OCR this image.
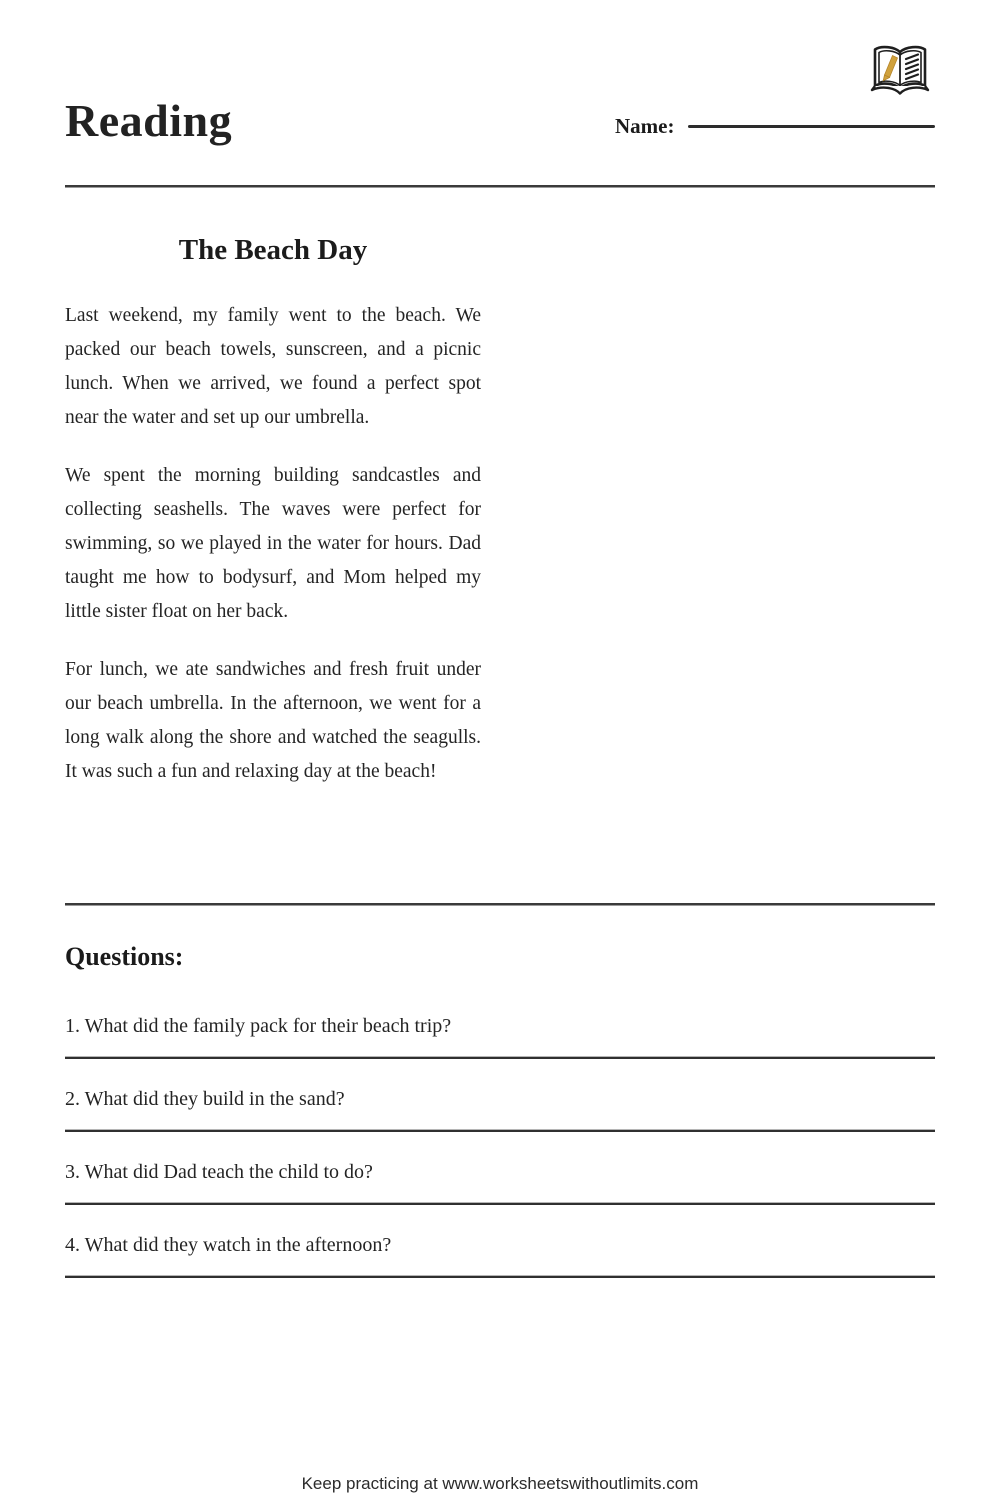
Reading	Name:
The Beach Day

Last weekend, my family went to the beach. We packed our beach towels, sunscreen, and a picnic lunch. When we arrived, we found a perfect spot near the water and set up our umbrella.

We spent the morning building sandcastles and collecting seashells. The waves were perfect for swimming, so we played in the water for hours. Dad taught me how to bodysurf, and Mom helped my little sister float on her back.

For lunch, we ate sandwiches and fresh fruit under our beach umbrella. In the afternoon, we went for a long walk along the shore and watched the seagulls. It was such a fun and relaxing day at the beach!

Questions:

1. What did the family pack for their beach trip?

2. What did they build in the sand?

3. What did Dad teach the child to do?

4. What did they watch in the afternoon?

Keep practicing at www.worksheetswithoutlimits.com
